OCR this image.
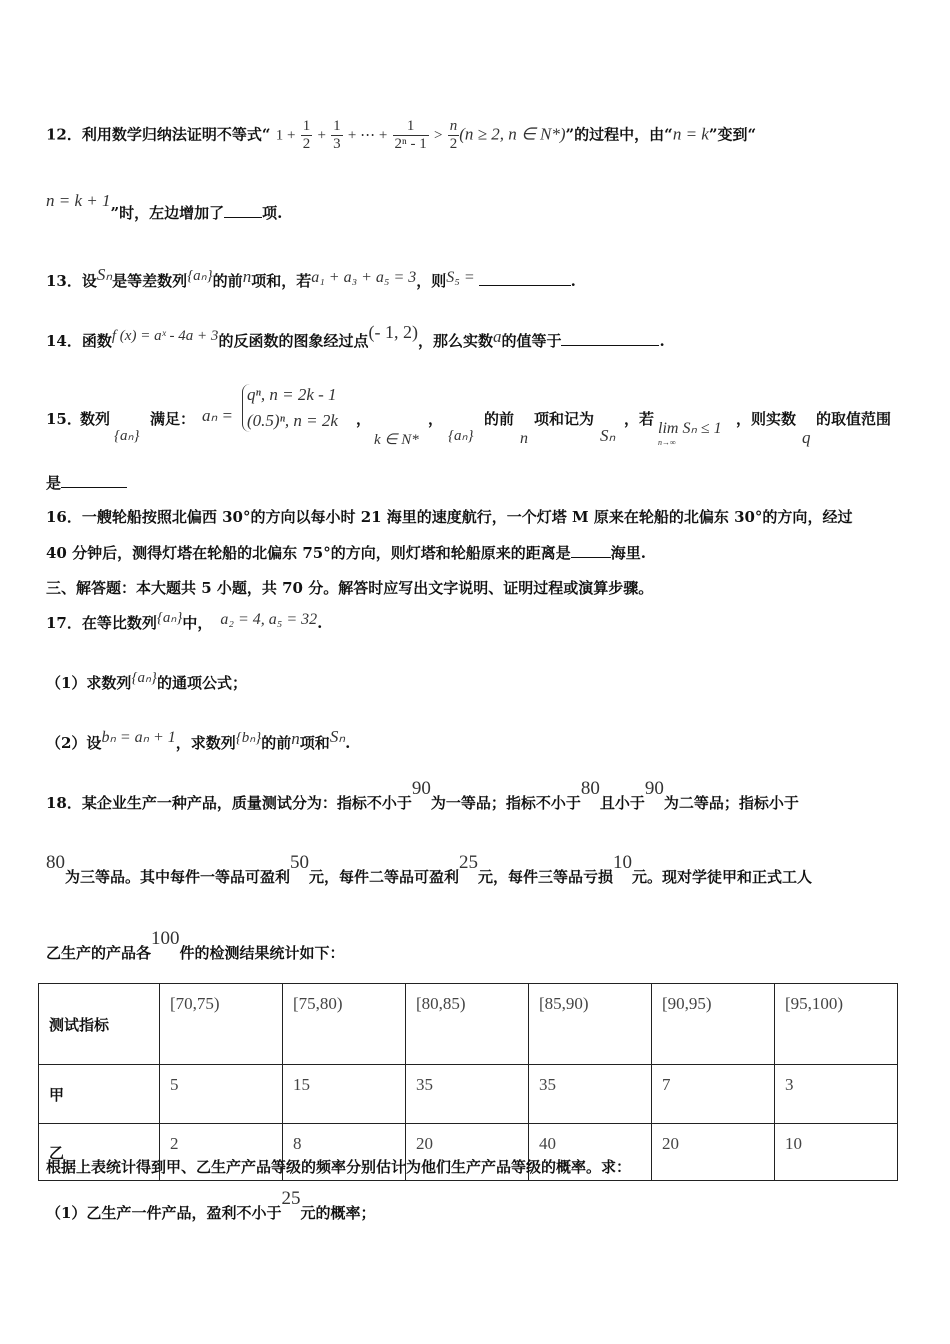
12．利用数学归纳法证明不等式“ $1 + \frac{1}{2} + \frac{1}{3}$ + ⋯ + $\frac{1}{\text{2ⁿ - 1}} > \frac{n}{2} (n \ge 2$, n ∈ N*)”的过程中，由“n = k”变到“
n = k + 1”时，左边增加了	项.
13．设Sₙ是等差数列{aₙ}的前n项和，若a₁ + a₃ + a₅ = 3，则S₅ =	.
14．函数f (x) = aˣ - 4a + 3的反函数的图象经过点(- 1, 2)，那么实数a的值等于	.
15．
数列
{aₙ}
满足： aₙ =
qⁿ, n = 2k - 1
(0.5)ⁿ, n = 2k ，
k ∈ N*
，
{aₙ}
的前
n
项和记为
Sₙ
，若
lim Sₙ ≤ 1
n→∞
，则实数
q
的取值范围
是
16．一艘轮船按照北偏西 30°的方向以每小时 21 海里的速度航行，一个灯塔 M 原来在轮船的北偏东 30°的方向，经过
40 分钟后，测得灯塔在轮船的北偏东 75°的方向，则灯塔和轮船原来的距离是	海里.
三、解答题：本大题共 5 小题，共 70 分。解答时应写出文字说明、证明过程或演算步骤。
17．在等比数列{aₙ}中， a₂ = 4, a₅ = 32.
（1）求数列{aₙ}的通项公式；
（2）设bₙ = aₙ + 1，求数列{bₙ}的前n项和Sₙ.
18．某企业生产一种产品，质量测试分为：指标不小于90为一等品；指标不小于80且小于90为二等品；指标小于
80为三等品。其中每件一等品可盈利50元，每件二等品可盈利25元，每件三等品亏损10元。现对学徒甲和正式工人
乙生产的产品各100件的检测结果统计如下：
测试指标	[70,75)	[75,80)	[80,85)	[85,90)	[90,95)	[95,100)
甲	5	15	35	35	7	3
乙	2	8	20	40	20	10
根据上表统计得到甲、乙生产产品等级的频率分别估计为他们生产产品等级的概率。求：
（1）乙生产一件产品，盈利不小于25元的概率；
